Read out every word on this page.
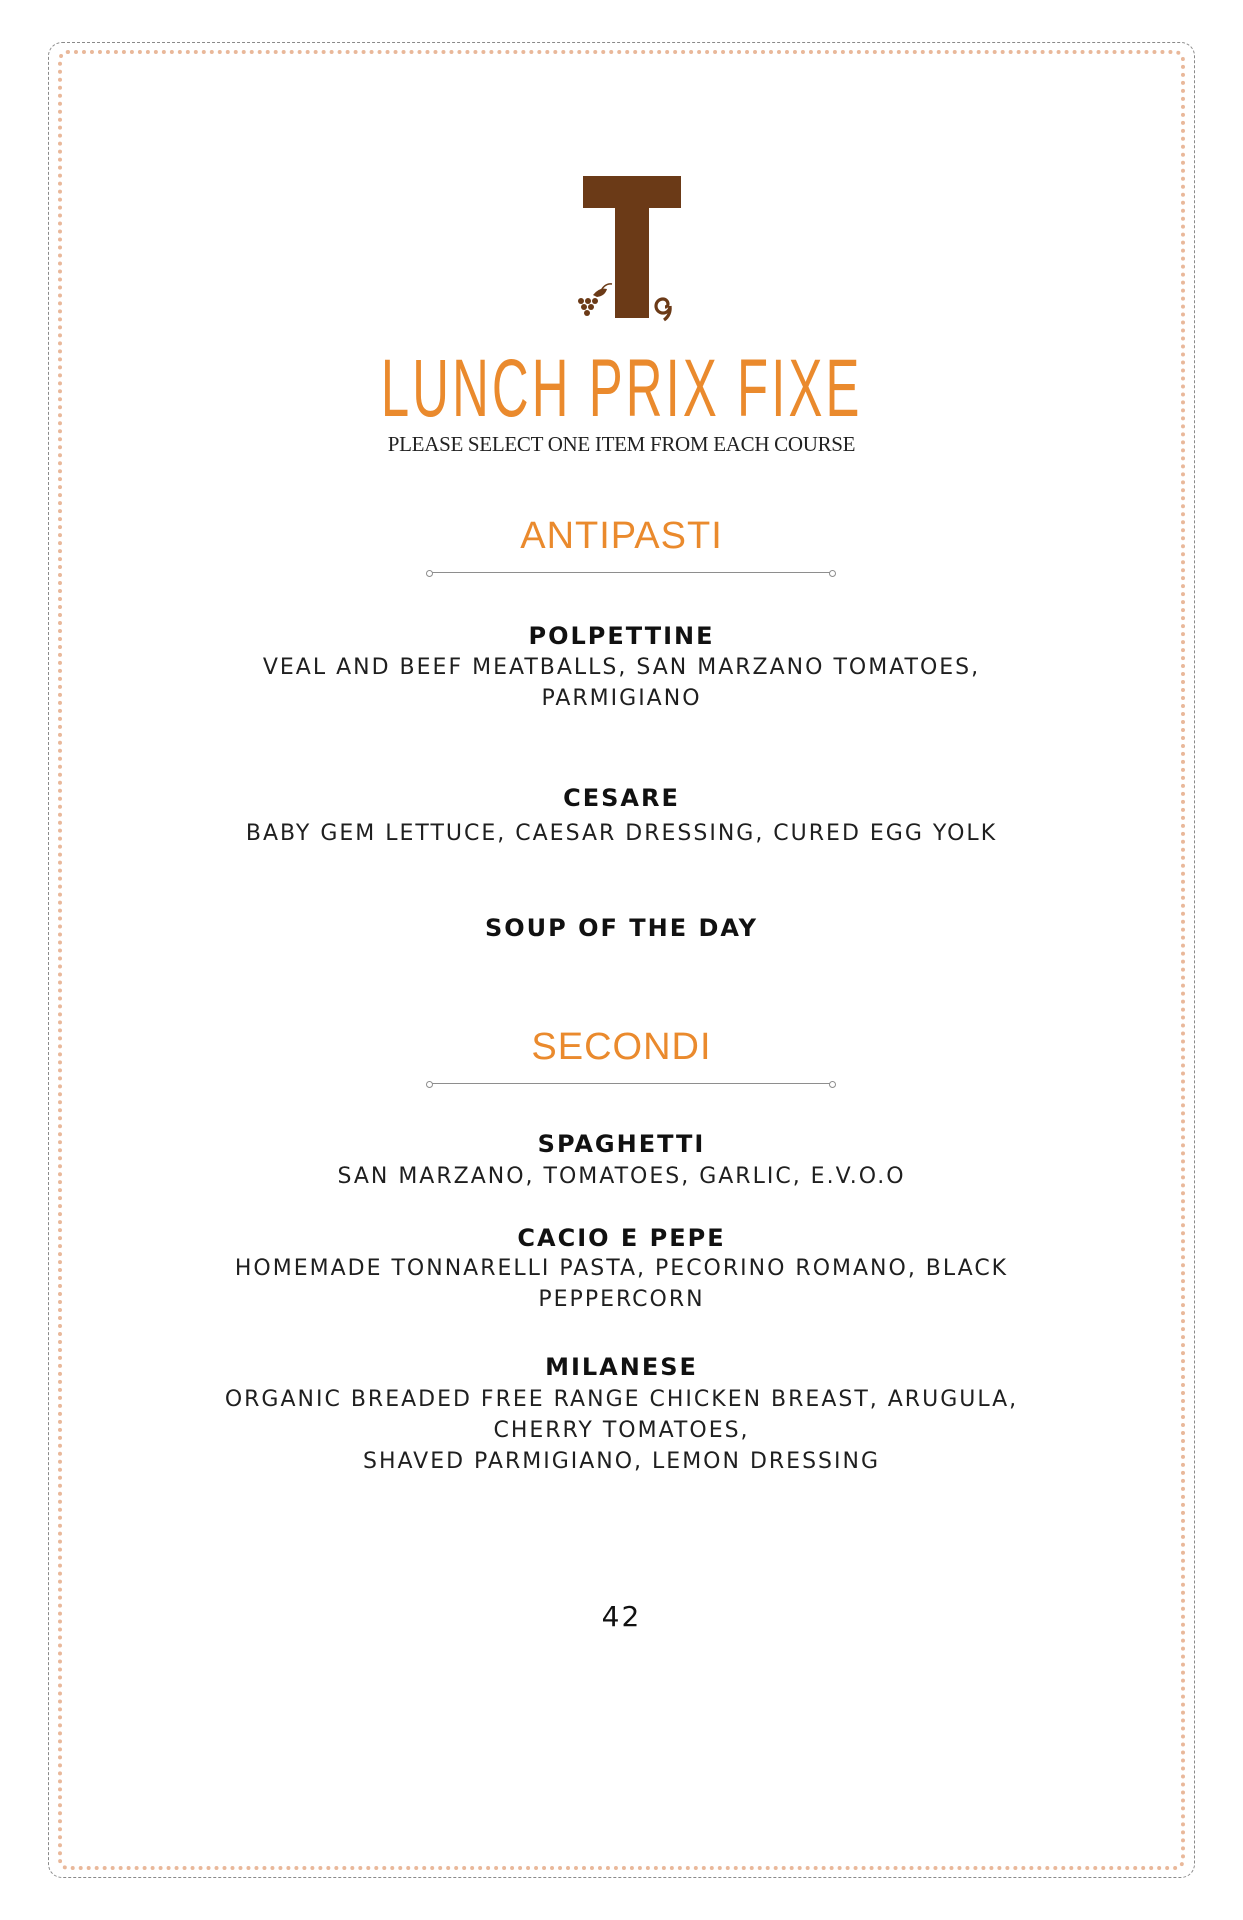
LUNCH PRIX FIXE
PLEASE SELECT ONE ITEM FROM EACH COURSE
ANTIPASTI
POLPETTINE
VEAL AND BEEF MEATBALLS, SAN MARZANO TOMATOES,
PARMIGIANO
CESARE
BABY GEM LETTUCE, CAESAR DRESSING, CURED EGG YOLK
SOUP OF THE DAY
SECONDI
SPAGHETTI
SAN MARZANO, TOMATOES, GARLIC, E.V.O.O
CACIO E PEPE
HOMEMADE TONNARELLI PASTA, PECORINO ROMANO, BLACK
PEPPERCORN
MILANESE
ORGANIC BREADED FREE RANGE CHICKEN BREAST, ARUGULA,
CHERRY TOMATOES,
SHAVED PARMIGIANO, LEMON DRESSING
42
